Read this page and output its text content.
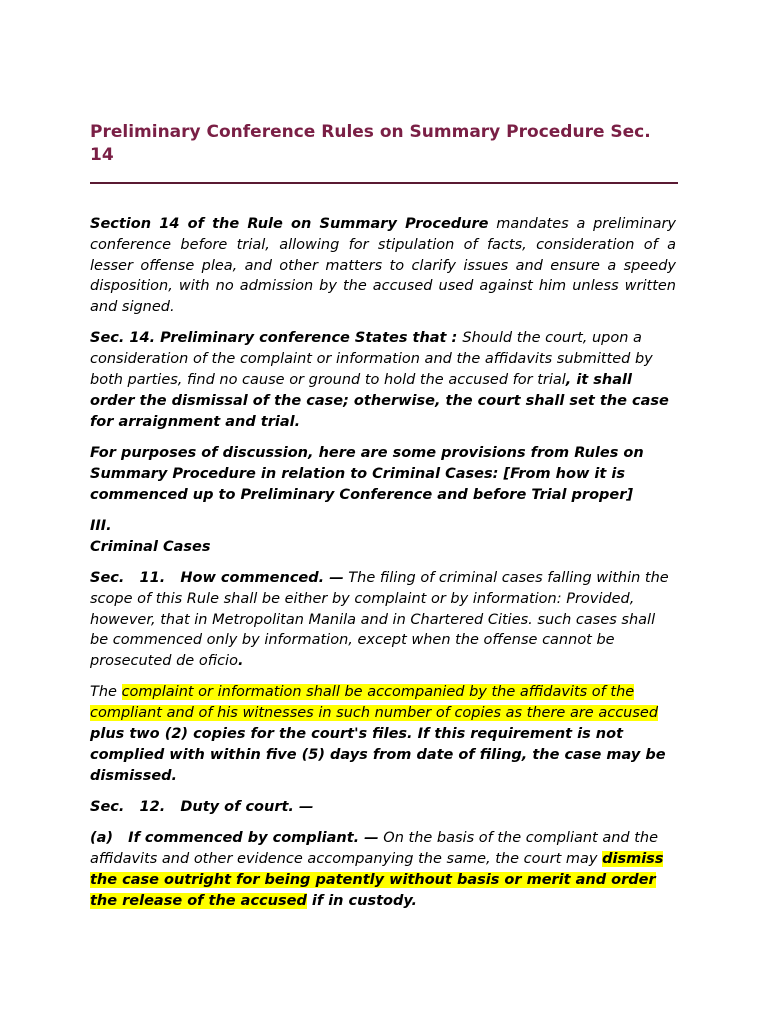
Preliminary Conference Rules on Summary Procedure Sec. 14

Section 14 of the Rule on Summary Procedure mandates a preliminary conference before trial, allowing for stipulation of facts, consideration of a lesser offense plea, and other matters to clarify issues and ensure a speedy disposition, with no admission by the accused used against him unless written and signed.

Sec. 14. Preliminary conference States that : Should the court, upon a consideration of the complaint or information and the affidavits submitted by both parties, find no cause or ground to hold the accused for trial, it shall order the dismissal of the case; otherwise, the court shall set the case for arraignment and trial.

For purposes of discussion, here are some provisions from Rules on Summary Procedure in relation to Criminal Cases: [From how it is commenced up to Preliminary Conference and before Trial proper]

III.
Criminal Cases

Sec.   11.   How commenced. — The filing of criminal cases falling within the scope of this Rule shall be either by complaint or by information: Provided, however, that in Metropolitan Manila and in Chartered Cities. such cases shall be commenced only by information, except when the offense cannot be prosecuted de oficio.

The complaint or information shall be accompanied by the affidavits of the compliant and of his witnesses in such number of copies as there are accused plus two (2) copies for the court's files. If this requirement is not complied with within five (5) days from date of filing, the case may be dismissed.

Sec.   12.   Duty of court. —

(a)   If commenced by compliant. — On the basis of the compliant and the affidavits and other evidence accompanying the same, the court may dismiss the case outright for being patently without basis or merit and order the release of the accused if in custody.
